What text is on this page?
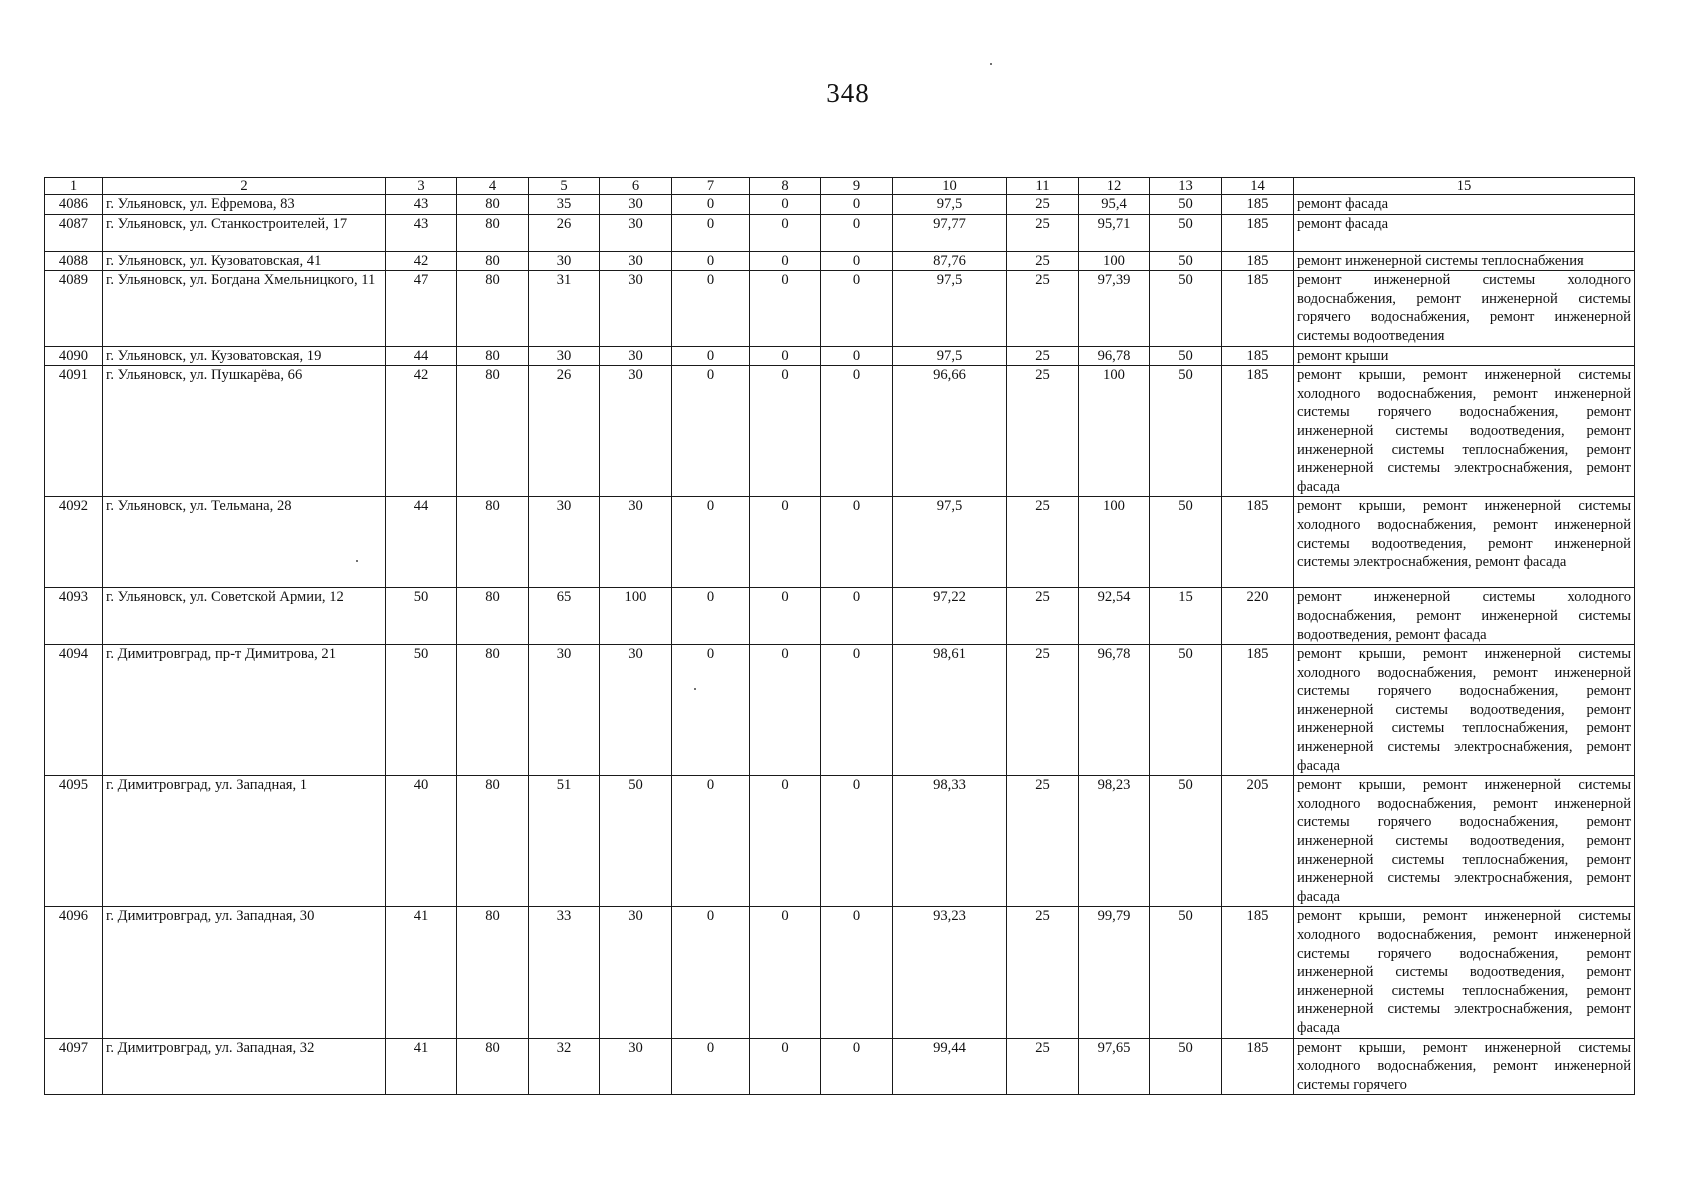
348
1	2	3	4	5	6	7	8	9	10	11	12	13	14	15
4086	г. Ульяновск, ул. Ефремова, 83	43	80	35	30	0	0	0	97,5	25	95,4	50	185	ремонт фасада
4087	г. Ульяновск, ул. Станкостроителей, 17	43	80	26	30	0	0	0	97,77	25	95,71	50	185	ремонт фасада
4088	г. Ульяновск, ул. Кузоватовская, 41	42	80	30	30	0	0	0	87,76	25	100	50	185	ремонт инженерной системы теплоснабжения
4089	г. Ульяновск, ул. Богдана Хмельницкого, 11	47	80	31	30	0	0	0	97,5	25	97,39	50	185	ремонт инженерной системы холодного водоснабжения, ремонт инженерной системы горячего водоснабжения, ремонт инженерной системы водоотведения
4090	г. Ульяновск, ул. Кузоватовская, 19	44	80	30	30	0	0	0	97,5	25	96,78	50	185	ремонт крыши
4091	г. Ульяновск, ул. Пушкарёва, 66	42	80	26	30	0	0	0	96,66	25	100	50	185	ремонт крыши, ремонт инженерной системы холодного водоснабжения, ремонт инженерной системы горячего водоснабжения, ремонт инженерной системы водоотведения, ремонт инженерной системы теплоснабжения, ремонт инженерной системы электроснабжения, ремонт фасада
4092	г. Ульяновск, ул. Тельмана, 28	44	80	30	30	0	0	0	97,5	25	100	50	185	ремонт крыши, ремонт инженерной системы холодного водоснабжения, ремонт инженерной системы водоотведения, ремонт инженерной системы электроснабжения, ремонт фасада
4093	г. Ульяновск, ул. Советской Армии, 12	50	80	65	100	0	0	0	97,22	25	92,54	15	220	ремонт инженерной системы холодного водоснабжения, ремонт инженерной системы водоотведения, ремонт фасада
4094	г. Димитровград, пр-т Димитрова, 21	50	80	30	30	0	0	0	98,61	25	96,78	50	185	ремонт крыши, ремонт инженерной системы холодного водоснабжения, ремонт инженерной системы горячего водоснабжения, ремонт инженерной системы водоотведения, ремонт инженерной системы теплоснабжения, ремонт инженерной системы электроснабжения, ремонт фасада
4095	г. Димитровград, ул. Западная, 1	40	80	51	50	0	0	0	98,33	25	98,23	50	205	ремонт крыши, ремонт инженерной системы холодного водоснабжения, ремонт инженерной системы горячего водоснабжения, ремонт инженерной системы водоотведения, ремонт инженерной системы теплоснабжения, ремонт инженерной системы электроснабжения, ремонт фасада
4096	г. Димитровград, ул. Западная, 30	41	80	33	30	0	0	0	93,23	25	99,79	50	185	ремонт крыши, ремонт инженерной системы холодного водоснабжения, ремонт инженерной системы горячего водоснабжения, ремонт инженерной системы водоотведения, ремонт инженерной системы теплоснабжения, ремонт инженерной системы электроснабжения, ремонт фасада
4097	г. Димитровград, ул. Западная, 32	41	80	32	30	0	0	0	99,44	25	97,65	50	185	ремонт крыши, ремонт инженерной системы холодного водоснабжения, ремонт инженерной системы горячего
